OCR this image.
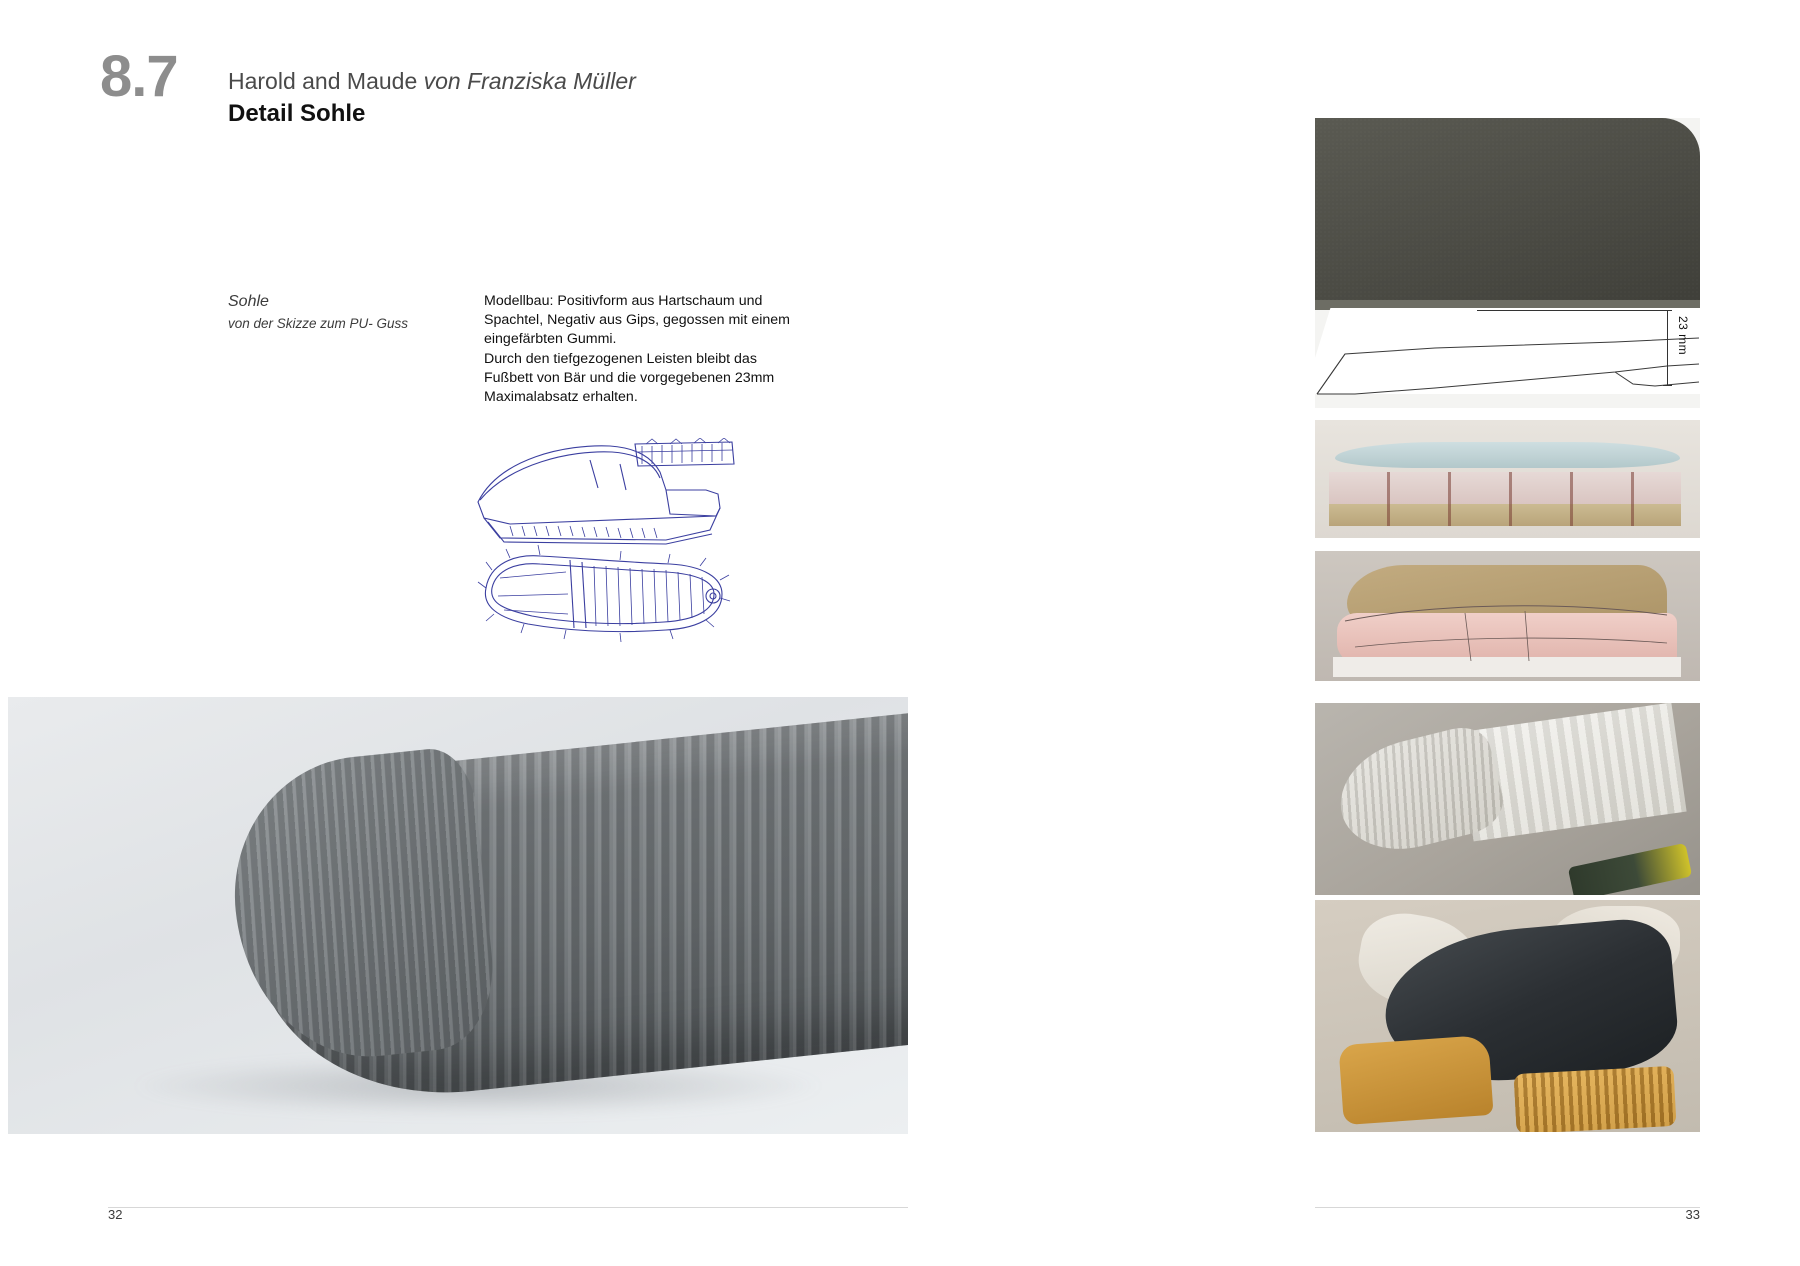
8.7 Harold and Maude von Franziska Müller
Detail Sohle
Sohle
von der Skizze zum PU- Guss

Modellbau: Positivform aus Hartschaum und Spachtel, Negativ aus Gips, gegossen mit einem eingefärbten Gummi.

Durch den tiefgezogenen Leisten bleibt das Fußbett von Bär und die vorgegebenen 23mm Maximalabsatz erhalten.

23 mm
32	33
